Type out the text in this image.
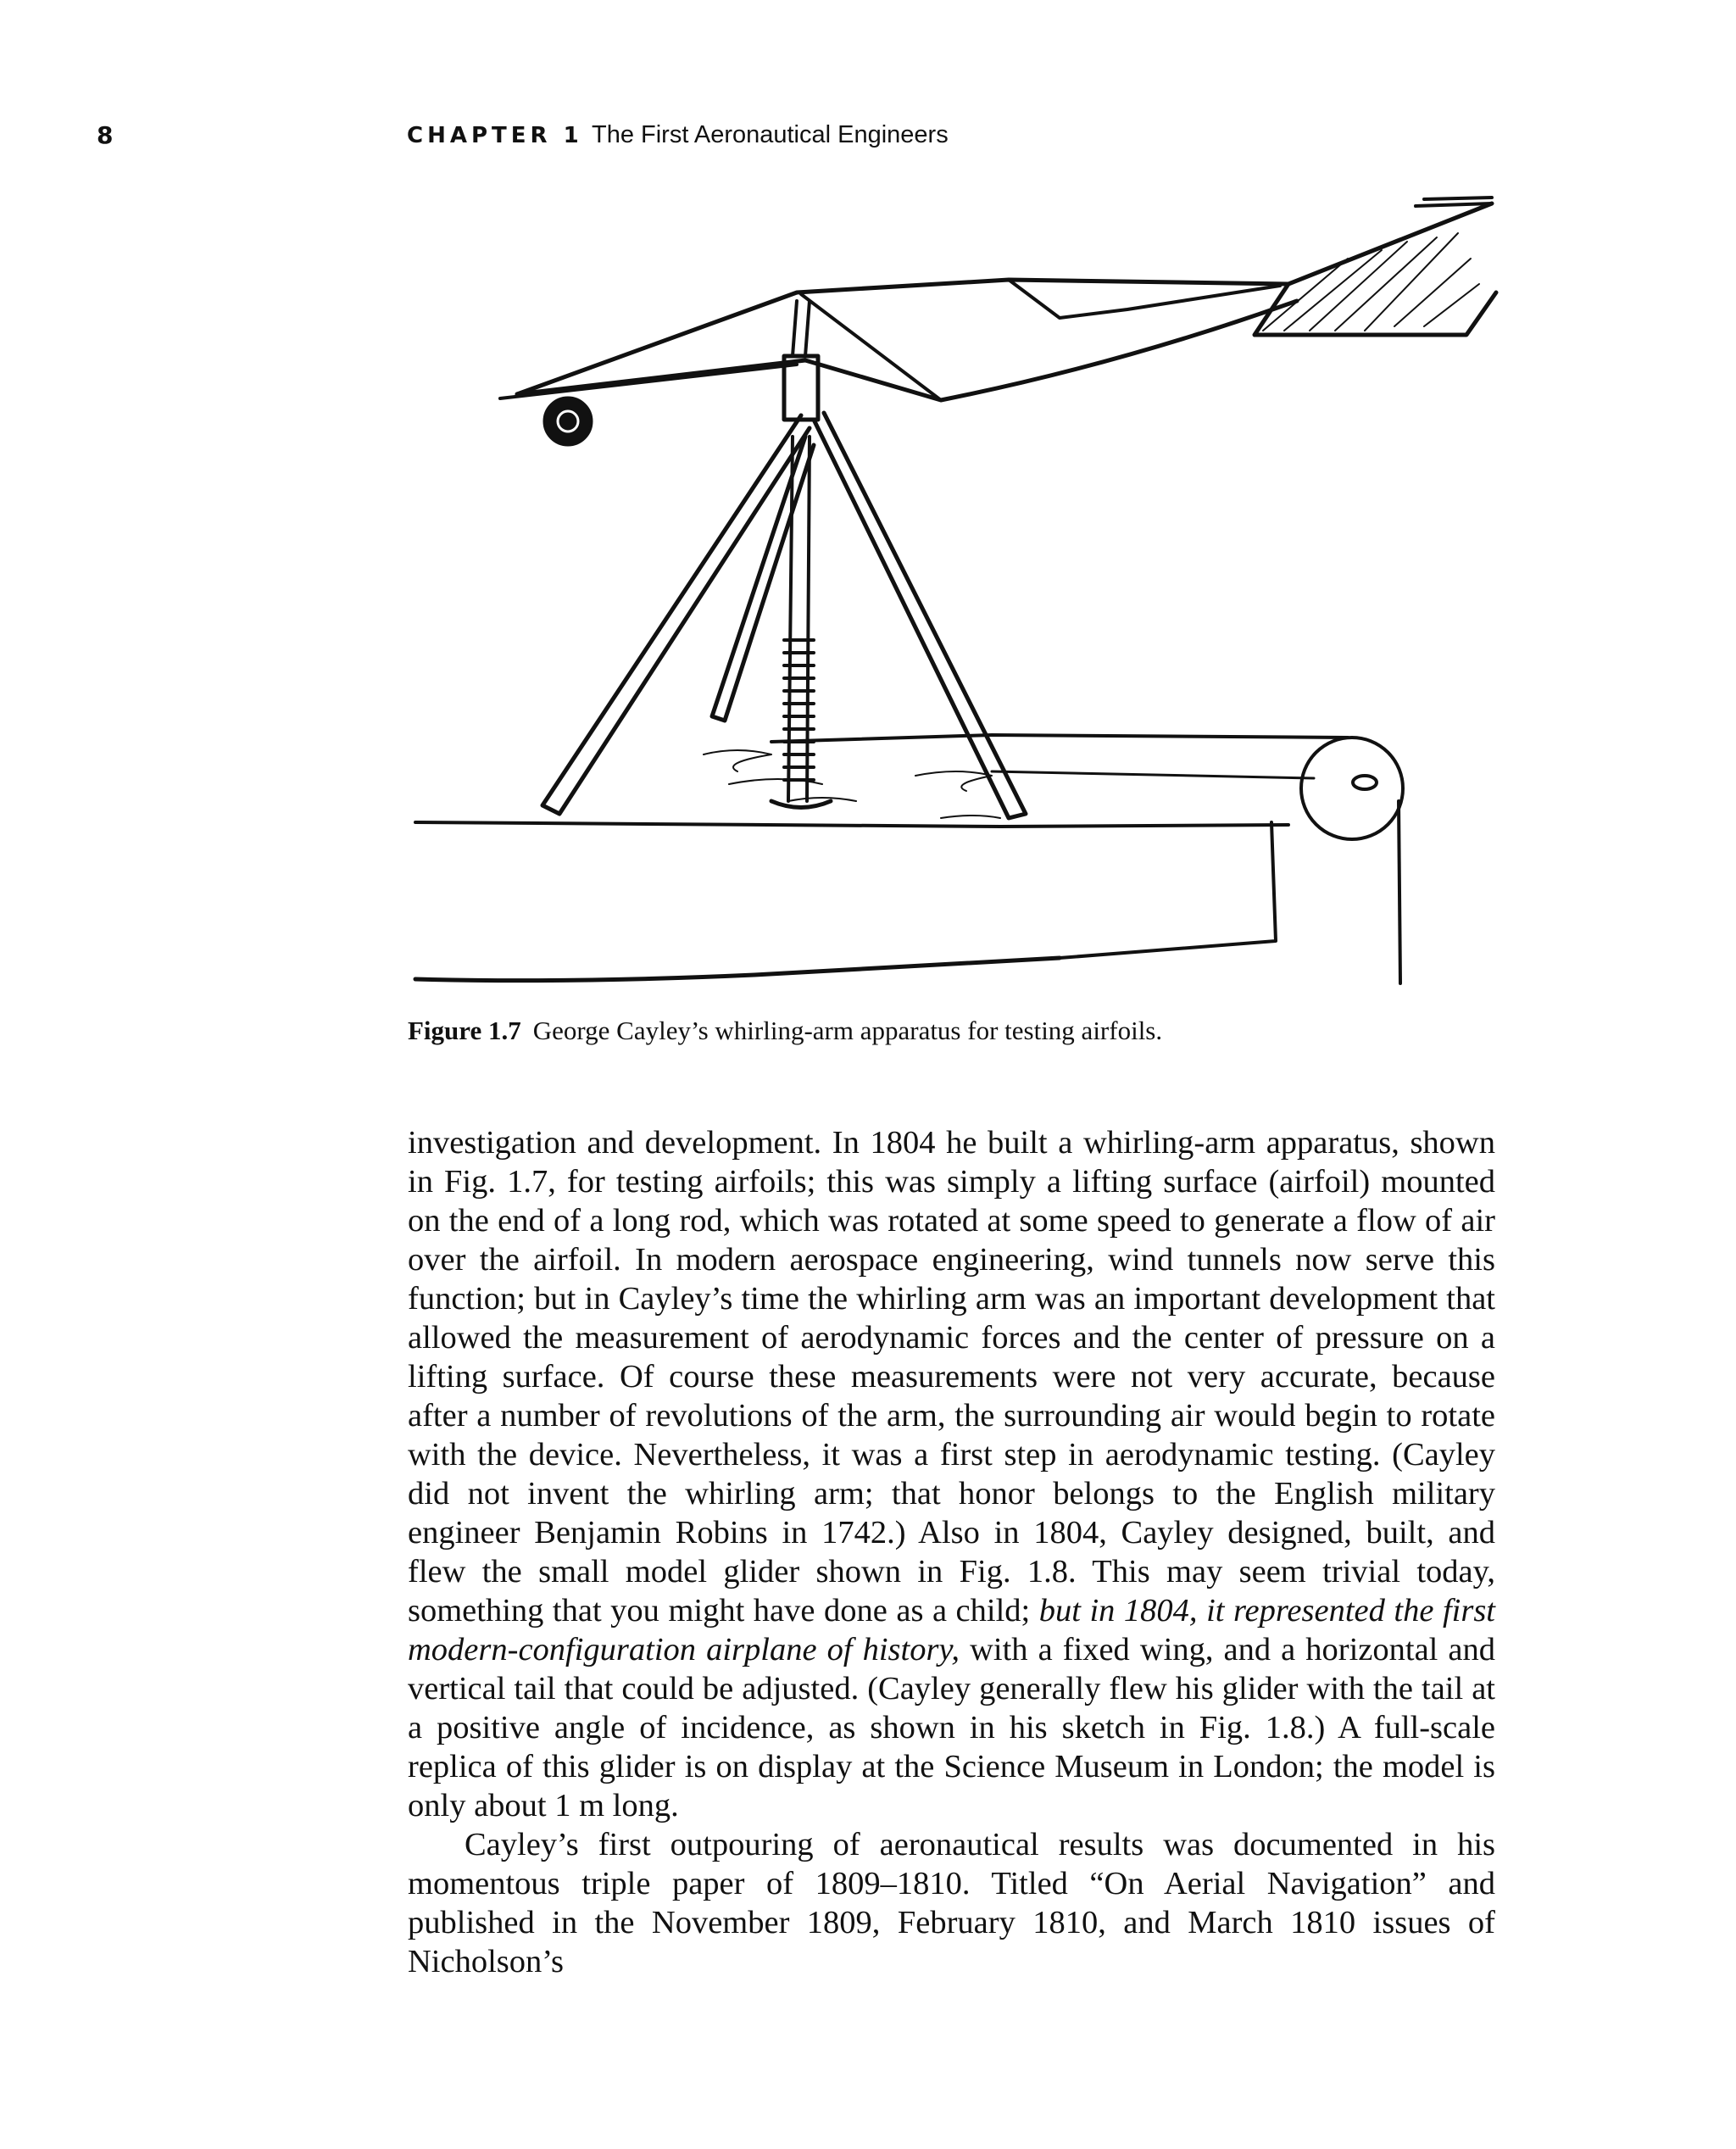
8	CHAPTER 1 The First Aeronautical Engineers
Figure 1.7 George Cayley’s whirling-arm apparatus for testing airfoils.

investigation and development. In 1804 he built a whirling-arm apparatus, shown in Fig. 1.7, for testing airfoils; this was simply a lifting surface (airfoil) mounted on the end of a long rod, which was rotated at some speed to generate a flow of air over the airfoil. In modern aerospace engineering, wind tunnels now serve this function; but in Cayley’s time the whirling arm was an important development that allowed the measurement of aerodynamic forces and the center of pressure on a lifting surface. Of course these measurements were not very accurate, because after a number of revolutions of the arm, the surrounding air would begin to rotate with the device. Nevertheless, it was a first step in aerodynamic testing. (Cayley did not invent the whirling arm; that honor belongs to the English military engineer Benjamin Robins in 1742.) Also in 1804, Cayley designed, built, and flew the small model glider shown in Fig. 1.8. This may seem trivial today, something that you might have done as a child; but in 1804, it represented the first modern-configuration airplane of history, with a fixed wing, and a horizontal and vertical tail that could be adjusted. (Cayley generally flew his glider with the tail at a positive angle of incidence, as shown in his sketch in Fig. 1.8.) A full-scale replica of this glider is on display at the Science Museum in London; the model is only about 1 m long.

Cayley’s first outpouring of aeronautical results was documented in his momentous triple paper of 1809–1810. Titled “On Aerial Navigation” and published in the November 1809, February 1810, and March 1810 issues of Nicholson’s
